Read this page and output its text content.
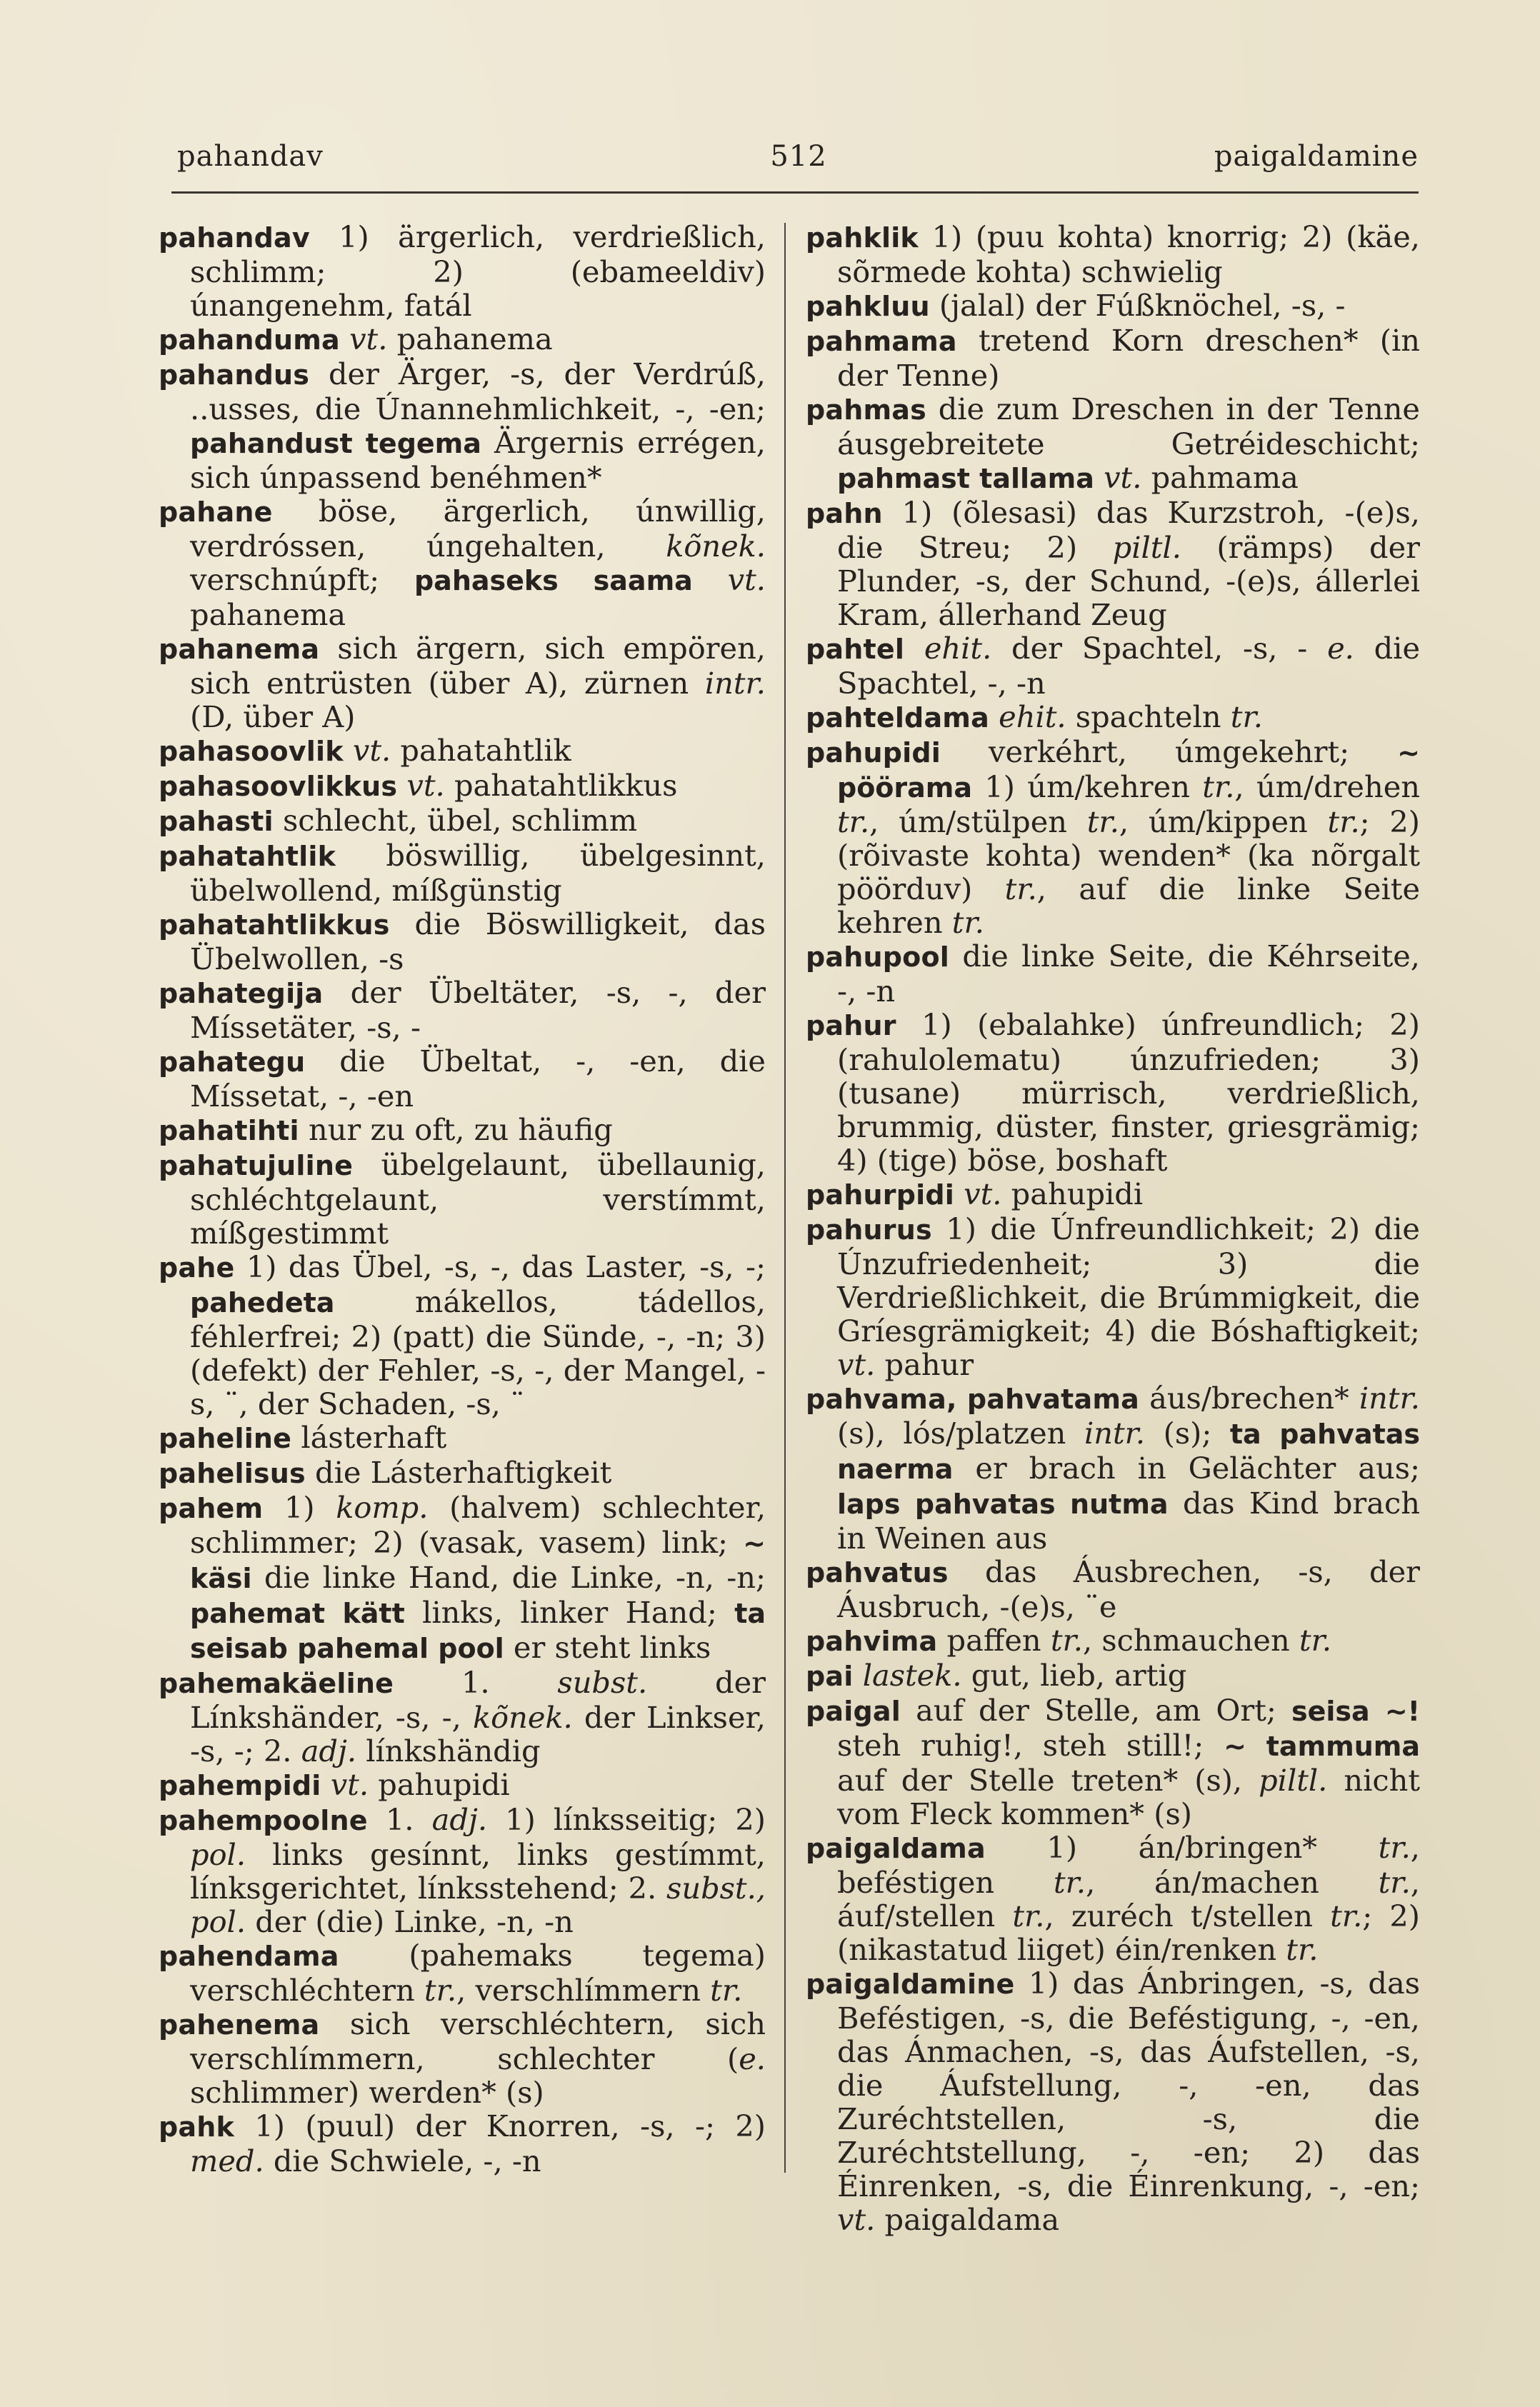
pahandav	512	paigaldamine
pahandav 1) ärgerlich, verdrießlich, schlimm; 2) (ebameeldiv) únangenehm, fatál
pahanduma vt. pahanema
pahandus der Ärger, -s, der Verdrúß, ..usses, die Únannehmlichkeit, -, -en; pahandust tegema Ärgernis errégen, sich únpassend benéhmen*
pahane böse, ärgerlich, únwillig, verdróssen, úngehalten, kõnek. verschnúpft; pahaseks saama vt. pahanema
pahanema sich ärgern, sich empören, sich entrüsten (über A), zürnen intr. (D, über A)
pahasoovlik vt. pahatahtlik
pahasoovlikkus vt. pahatahtlikkus
pahasti schlecht, übel, schlimm
pahatahtlik böswillig, übelgesinnt, übelwollend, míßgünstig
pahatahtlikkus die Böswilligkeit, das Übelwollen, -s
pahategija der Übeltäter, -s, -, der Míssetäter, -s, -
pahategu die Übeltat, -, -en, die Míssetat, -, -en
pahatihti nur zu oft, zu häufig
pahatujuline übelgelaunt, übellaunig, schléchtgelaunt, verstímmt, míßgestimmt
pahe 1) das Übel, -s, -, das Laster, -s, -; pahedeta mákellos, tádellos, féhlerfrei; 2) (patt) die Sünde, -, -n; 3) (defekt) der Fehler, -s, -, der Mangel, -s, ¨, der Schaden, -s, ¨
paheline lásterhaft
pahelisus die Lásterhaftigkeit
pahem 1) komp. (halvem) schlechter, schlimmer; 2) (vasak, vasem) link; ~ käsi die linke Hand, die Linke, -n, -n; pahemat kätt links, linker Hand; ta seisab pahemal pool er steht links
pahemakäeline 1. subst. der Línkshänder, -s, -, kõnek. der Linkser, -s, -; 2. adj. línkshändig
pahempidi vt. pahupidi
pahempoolne 1. adj. 1) línksseitig; 2) pol. links gesínnt, links gestímmt, línksgerichtet, línksstehend; 2. subst., pol. der (die) Linke, -n, -n
pahendama (pahemaks tegema) verschléchtern tr., verschlímmern tr.
pahenema sich verschléchtern, sich verschlímmern, schlechter (e. schlimmer) werden* (s)
pahk 1) (puul) der Knorren, -s, -; 2) med. die Schwiele, -, -n
pahklik 1) (puu kohta) knorrig; 2) (käe, sõrmede kohta) schwielig
pahkluu (jalal) der Fúßknöchel, -s, -
pahmama tretend Korn dreschen* (in der Tenne)
pahmas die zum Dreschen in der Tenne áusgebreitete Getréideschicht; pahmast tallama vt. pahmama
pahn 1) (õlesasi) das Kurzstroh, -(e)s, die Streu; 2) piltl. (rämps) der Plunder, -s, der Schund, -(e)s, állerlei Kram, állerhand Zeug
pahtel ehit. der Spachtel, -s, - e. die Spachtel, -, -n
pahteldama ehit. spachteln tr.
pahupidi verkéhrt, úmgekehrt; ~ pöörama 1) úm/kehren tr., úm/drehen tr., úm/stülpen tr., úm/kippen tr.; 2) (rõivaste kohta) wenden* (ka nõrgalt pöörduv) tr., auf die linke Seite kehren tr.
pahupool die linke Seite, die Kéhrseite, -, -n
pahur 1) (ebalahke) únfreundlich; 2) (rahulolematu) únzufrieden; 3) (tusane) mürrisch, verdrießlich, brummig, düster, finster, griesgrämig; 4) (tige) böse, boshaft
pahurpidi vt. pahupidi
pahurus 1) die Únfreundlichkeit; 2) die Únzufriedenheit; 3) die Verdrießlichkeit, die Brúmmigkeit, die Gríesgrämigkeit; 4) die Bóshaftigkeit; vt. pahur
pahvama, pahvatama áus/brechen* intr. (s), lós/platzen intr. (s); ta pahvatas naerma er brach in Gelächter aus; laps pahvatas nutma das Kind brach in Weinen aus
pahvatus das Áusbrechen, -s, der Áusbruch, -(e)s, ¨e
pahvima paffen tr., schmauchen tr.
pai lastek. gut, lieb, artig
paigal auf der Stelle, am Ort; seisa ~! steh ruhig!, steh still!; ~ tammuma auf der Stelle treten* (s), piltl. nicht vom Fleck kommen* (s)
paigaldama 1) án/bringen* tr., beféstigen tr., án/machen tr., áuf/stellen tr., zuréch t/stellen tr.; 2) (nikastatud liiget) éin/renken tr.
paigaldamine 1) das Ánbringen, -s, das Beféstigen, -s, die Beféstigung, -, -en, das Ánmachen, -s, das Áufstellen, -s, die Áufstellung, -, -en, das Zuréchtstellen, -s, die Zuréchtstellung, -, -en; 2) das Éinrenken, -s, die Éinrenkung, -, -en; vt. paigaldama
